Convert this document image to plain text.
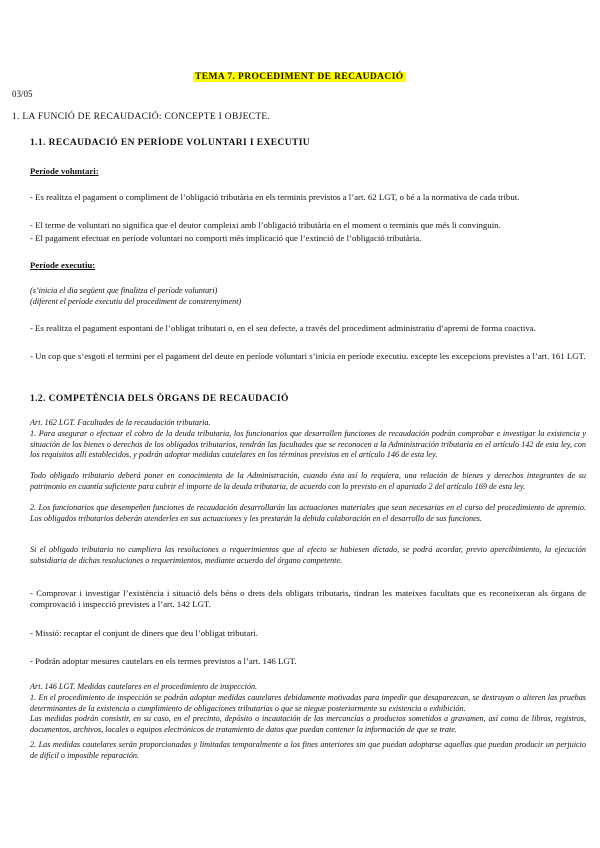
TEMA 7. PROCEDIMENT DE RECAUDACIÓ
03/05
1. LA FUNCIÓ DE RECAUDACIÓ: CONCEPTE I OBJECTE.
1.1. RECAUDACIÓ EN PERÍODE VOLUNTARI I EXECUTIU
Període voluntari:
- Es realitza el pagament o compliment de l’obligació tributària en els terminis previstos a l’art. 62 LGT, o bé a la normativa de cada tribut.
- El terme de voluntari no significa que el deutor compleixi amb l’obligació tributària en el moment o terminis que més li convinguin.
- El pagament efectuat en període voluntari no comporti més implicació que l’extinció de l’obligació tributària.
Període executiu:
(s’inicia el dia següent que finalitza el període voluntari)
(diferent el període executiu del procediment de constrenyiment)
- Es realitza el pagament espontani de l’obligat tributari o, en el seu defecte, a través del procediment administratiu d’apremi de forma coactiva.
- Un cop que s’esgoti el termini per el pagament del deute en període voluntari s’inicia en període executiu. excepte les excepcions previstes a l’art. 161 LGT.
1.2. COMPETÈNCIA DELS ÒRGANS DE RECAUDACIÓ
Art. 162 LGT. Facultades de la recaudación tributaria.
1. Para asegurar o efectuar el cobro de la deuda tributaria, los funcionarios que desarrollen funciones de recaudación podrán comprobar e investigar la existencia y situación de los bienes o derechos de los obligados tributarios, tendrán las facultades que se reconocen a la Administración tributaria en el artículo 142 de esta ley, con los requisitos allí establecidos, y podrán adoptar medidas cautelares en los términos previstos en el artículo 146 de esta ley.
Todo obligado tributario deberá poner en conocimiento de la Administración, cuando ésta así lo requiera, una relación de bienes y derechos integrantes de su patrimonio en cuantía suficiente para cubrir el importe de la deuda tributaria, de acuerdo con lo previsto en el apartado 2 del artículo 169 de esta ley.
2. Los funcionarios que desempeñen funciones de recaudación desarrollarán las actuaciones materiales que sean necesarias en el curso del procedimiento de apremio. Los obligados tributarios deberán atenderles en sus actuaciones y les prestarán la debida colaboración en el desarrollo de sus funciones.
Si el obligado tributario no cumpliera las resoluciones o requerimientos que al efecto se hubiesen dictado, se podrá acordar, previo apercibimiento, la ejecución subsidiaria de dichas resoluciones o requerimientos, mediante acuerdo del órgano competente.
- Comprovar i investigar l’existència i situació dels béns o drets dels obligats tributaris, tindran les mateixes facultats que es reconeixeran als òrgans de comprovació i inspecció previstes a l’art. 142 LGT.
- Missió: recaptar el conjunt de diners que deu l’obligat tributari.
- Podrán adoptar mesures cautelars en els termes previstos a l’art. 146 LGT.
Art. 146 LGT. Medidas cautelares en el procedimiento de inspección.
1. En el procedimiento de inspección se podrán adoptar medidas cautelares debidamente motivadas para impedir que desaparezcan, se destruyan o alteren las pruebas determinantes de la existencia o cumplimiento de obligaciones tributarias o que se niegue posteriormente su existencia o exhibición.
Las medidas podrán consistir, en su caso, en el precinto, depósito o incautación de las mercancías o productos sometidos a gravamen, así como de libros, registros, documentos, archivos, locales o equipos electrónicos de tratamiento de datos que puedan contener la información de que se trate.
2. Las medidas cautelares serán proporcionadas y limitadas temporalmente a los fines anteriores sin que puedan adoptarse aquellas que puedan producir un perjuicio de difícil o imposible reparación.
